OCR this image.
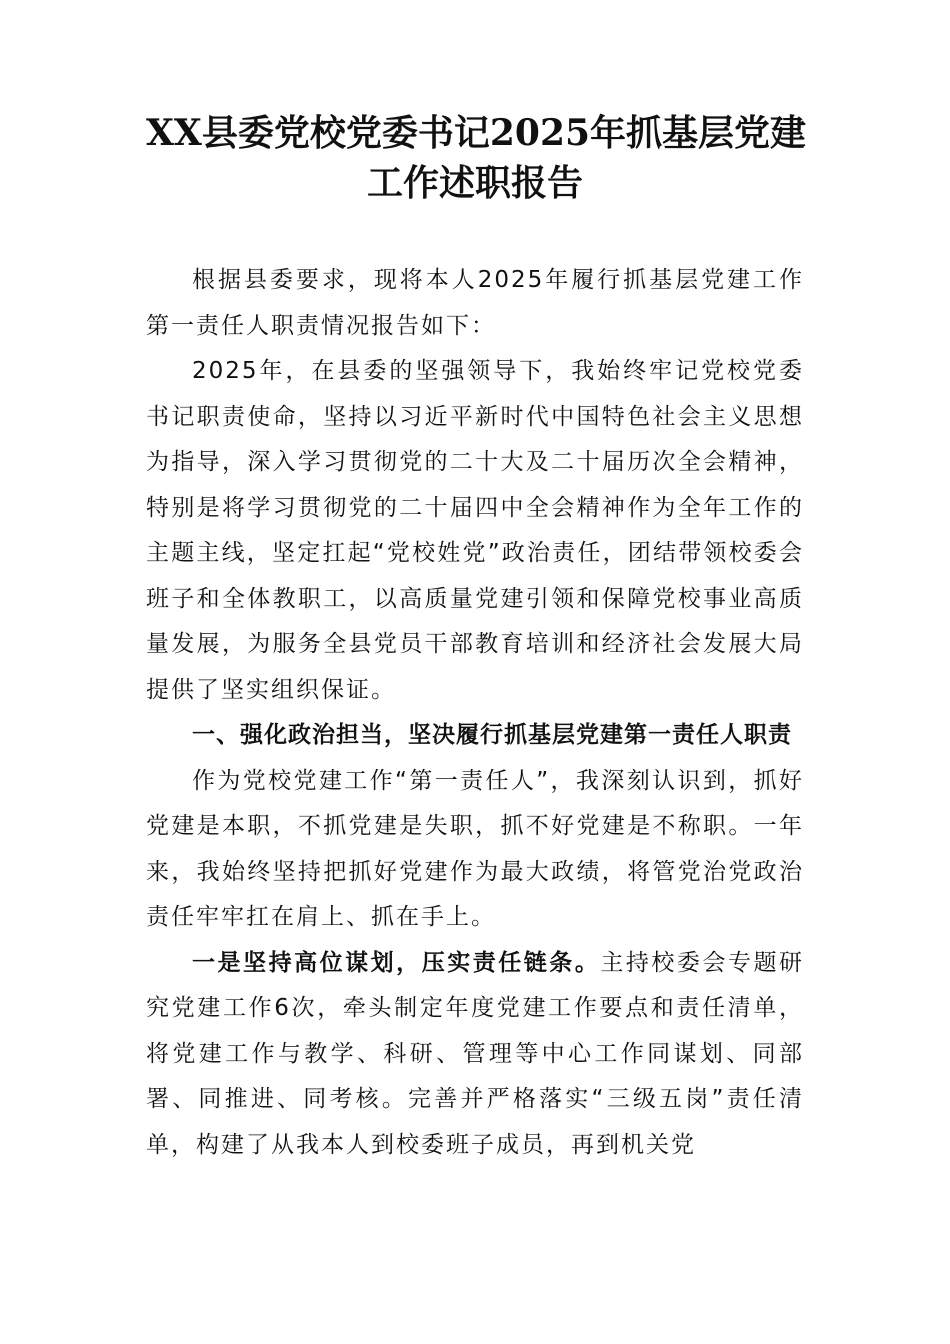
XX县委党校党委书记2025年抓基层党建
工作述职报告

根据县委要求，现将本人2025年履行抓基层党建工作第一责任人职责情况报告如下：

2025年，在县委的坚强领导下，我始终牢记党校党委书记职责使命，坚持以习近平新时代中国特色社会主义思想为指导，深入学习贯彻党的二十大及二十届历次全会精神，特别是将学习贯彻党的二十届四中全会精神作为全年工作的主题主线，坚定扛起“党校姓党”政治责任，团结带领校委会班子和全体教职工，以高质量党建引领和保障党校事业高质量发展，为服务全县党员干部教育培训和经济社会发展大局提供了坚实组织保证。

一、强化政治担当，坚决履行抓基层党建第一责任人职责

作为党校党建工作“第一责任人”，我深刻认识到，抓好党建是本职，不抓党建是失职，抓不好党建是不称职。一年来，我始终坚持把抓好党建作为最大政绩，将管党治党政治责任牢牢扛在肩上、抓在手上。

一是坚持高位谋划，压实责任链条。主持校委会专题研究党建工作6次，牵头制定年度党建工作要点和责任清单，将党建工作与教学、科研、管理等中心工作同谋划、同部署、同推进、同考核。完善并严格落实“三级五岗”责任清单，构建了从我本人到校委班子成员，再到机关党
